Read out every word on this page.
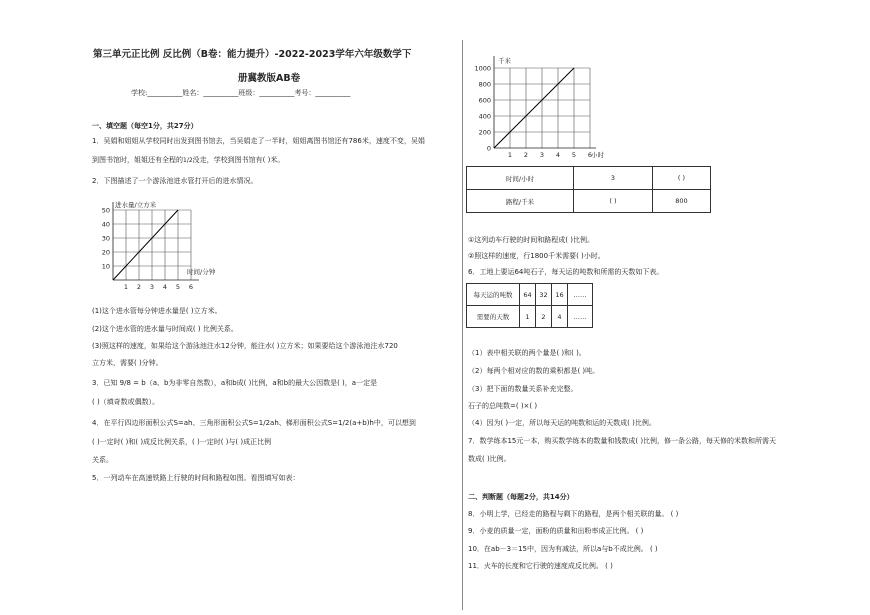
第三单元正比例 反比例（B卷：能力提升）-2022-2023学年六年级数学下
册冀教版AB卷
学校:__________姓名：__________班级：__________考号：__________
一、填空题（每空1分，共27分）
1．吴娟和姐姐从学校同时出发到图书馆去，当吴娟走了一半时，姐姐离图书馆还有786米，速度不变，吴娟
到图书馆时，姐姐还有全程的1/2没走，学校到图书馆有( )米。
2．下图描述了一个游泳池进水管打开后的进水情况。
1 2 3 4 5 6
10
20
30
40
50
进水量/立方米
时间/分钟
(1)这个进水管每分钟进水量是( )立方米。
(2)这个进水管的进水量与时间成( ) 比例关系。
(3)照这样的速度，如果给这个游泳池注水12分钟，能注水( )立方米；如果要给这个游泳池注水720
立方米，需要( )分钟。
3．已知 9/8 = b（a、b为非零自然数），a和b成( )比例，a和b的最大公因数是( )，a一定是
( )（填奇数或偶数）。
4．在平行四边形面积公式S=ah、三角形面积公式S=1/2ah、梯形面积公式S=1/2(a+b)h中，可以想到
( )一定时( )和( )成反比例关系，( )一定时( )与( )成正比例
关系。
5．一列动车在高速铁路上行驶的时间和路程如图。看图填写如表：
1 2 3 4 5 6
0
200
400
600
800
1000
千米
小时
时间/小时	3	( )
路程/千米	( )	800
①这列动车行驶的时间和路程成( )比例。
②照这样的速度，行1800千米需要( )小时。
6．工地上要运64吨石子，每天运的吨数和所需的天数如下表。
每天运的吨数	64	32	16	……
需要的天数	1	2	4	……
（1）表中相关联的两个量是( )和( )。
（2）每两个相对应的数的乘积都是( )吨。
（3）把下面的数量关系补充完整。
石子的总吨数=( )×( )
（4）因为( )一定，所以每天运的吨数和运的天数成( )比例。
7．数学练本15元一本，购买数学练本的数量和钱数成( )比例，修一条公路，每天修的米数和所需天
数成( )比例。
二、判断题（每题2分，共14分）
8．小明上学，已经走的路程与剩下的路程，是两个相关联的量。 ( )
9．小麦的质量一定，面粉的质量和出粉率成正比例。 ( )
10．在ab－3＝15中，因为有减法，所以a与b不成比例。 ( )
11．火车的长度和它行驶的速度成反比例。 ( )
